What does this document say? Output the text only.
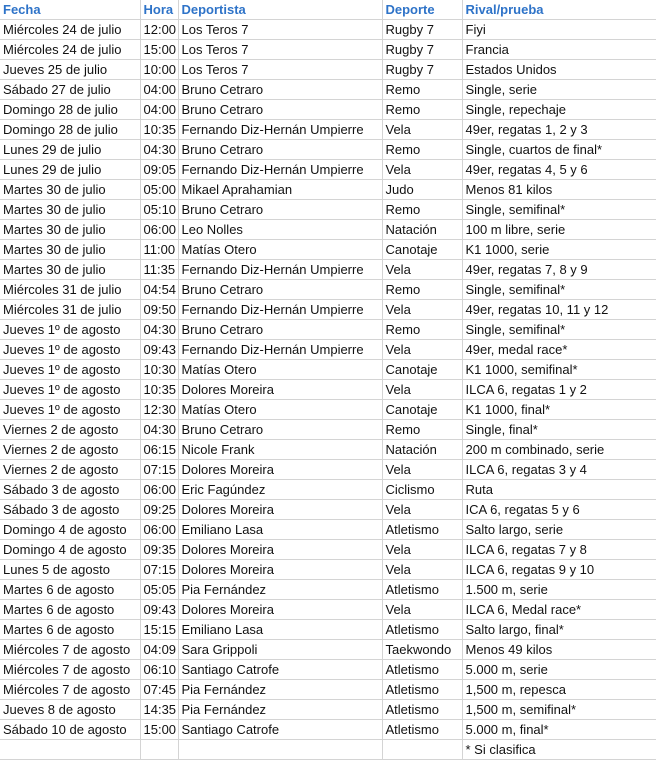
Fecha	Hora	Deportista	Deporte	Rival/prueba
Miércoles 24 de julio	12:00	Los Teros 7	Rugby 7	Fiyi
Miércoles 24 de julio	15:00	Los Teros 7	Rugby 7	Francia
Jueves 25 de julio	10:00	Los Teros 7	Rugby 7	Estados Unidos
Sábado 27 de julio	04:00	Bruno Cetraro	Remo	Single, serie
Domingo 28 de julio	04:00	Bruno Cetraro	Remo	Single, repechaje
Domingo 28 de julio	10:35	Fernando Diz-Hernán Umpierre	Vela	49er, regatas 1, 2 y 3
Lunes 29 de julio	04:30	Bruno Cetraro	Remo	Single, cuartos de final*
Lunes 29 de julio	09:05	Fernando Diz-Hernán Umpierre	Vela	49er, regatas 4, 5 y 6
Martes 30 de julio	05:00	Mikael Aprahamian	Judo	Menos 81 kilos
Martes 30 de julio	05:10	Bruno Cetraro	Remo	Single, semifinal*
Martes 30 de julio	06:00	Leo Nolles	Natación	100 m libre, serie
Martes 30 de julio	11:00	Matías Otero	Canotaje	K1 1000, serie
Martes 30 de julio	11:35	Fernando Diz-Hernán Umpierre	Vela	49er, regatas 7, 8 y 9
Miércoles 31 de julio	04:54	Bruno Cetraro	Remo	Single, semifinal*
Miércoles 31 de julio	09:50	Fernando Diz-Hernán Umpierre	Vela	49er, regatas 10, 11 y 12
Jueves 1º de agosto	04:30	Bruno Cetraro	Remo	Single, semifinal*
Jueves 1º de agosto	09:43	Fernando Diz-Hernán Umpierre	Vela	49er, medal race*
Jueves 1º de agosto	10:30	Matías Otero	Canotaje	K1 1000, semifinal*
Jueves 1º de agosto	10:35	Dolores Moreira	Vela	ILCA 6, regatas 1 y 2
Jueves 1º de agosto	12:30	Matías Otero	Canotaje	K1 1000, final*
Viernes 2 de agosto	04:30	Bruno Cetraro	Remo	Single, final*
Viernes 2 de agosto	06:15	Nicole Frank	Natación	200 m combinado, serie
Viernes 2 de agosto	07:15	Dolores Moreira	Vela	ILCA 6, regatas 3 y 4
Sábado 3 de agosto	06:00	Eric Fagúndez	Ciclismo	Ruta
Sábado 3 de agosto	09:25	Dolores Moreira	Vela	ICA 6, regatas 5 y 6
Domingo 4 de agosto	06:00	Emiliano Lasa	Atletismo	Salto largo, serie
Domingo 4 de agosto	09:35	Dolores Moreira	Vela	ILCA 6, regatas 7 y 8
Lunes 5 de agosto	07:15	Dolores Moreira	Vela	ILCA 6, regatas 9 y 10
Martes 6 de agosto	05:05	Pia Fernández	Atletismo	1.500 m, serie
Martes 6 de agosto	09:43	Dolores Moreira	Vela	ILCA 6, Medal race*
Martes 6 de agosto	15:15	Emiliano Lasa	Atletismo	Salto largo, final*
Miércoles 7 de agosto	04:09	Sara Grippoli	Taekwondo	Menos 49 kilos
Miércoles 7 de agosto	06:10	Santiago Catrofe	Atletismo	5.000 m, serie
Miércoles 7 de agosto	07:45	Pia Fernández	Atletismo	1,500 m, repesca
Jueves 8 de agosto	14:35	Pia Fernández	Atletismo	1,500 m, semifinal*
Sábado 10 de agosto	15:00	Santiago Catrofe	Atletismo	5.000 m, final*
				* Si clasifica
